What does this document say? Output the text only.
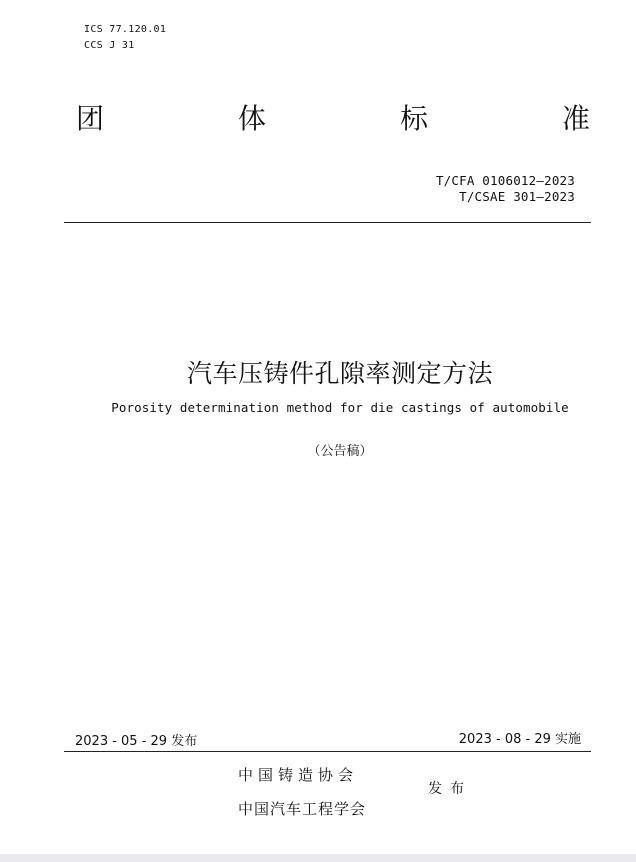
ICS 77.120.01
CCS J 31
团	体	标	准
T/CFA 0106012—2023
T/CSAE 301—2023
汽车压铸件孔隙率测定方法
Porosity determination method for die castings of automobile
（公告稿）
2023 - 05 - 29 发布	2023 - 08 - 29 实施
中国铸造协会
中国汽车工程学会
发布
